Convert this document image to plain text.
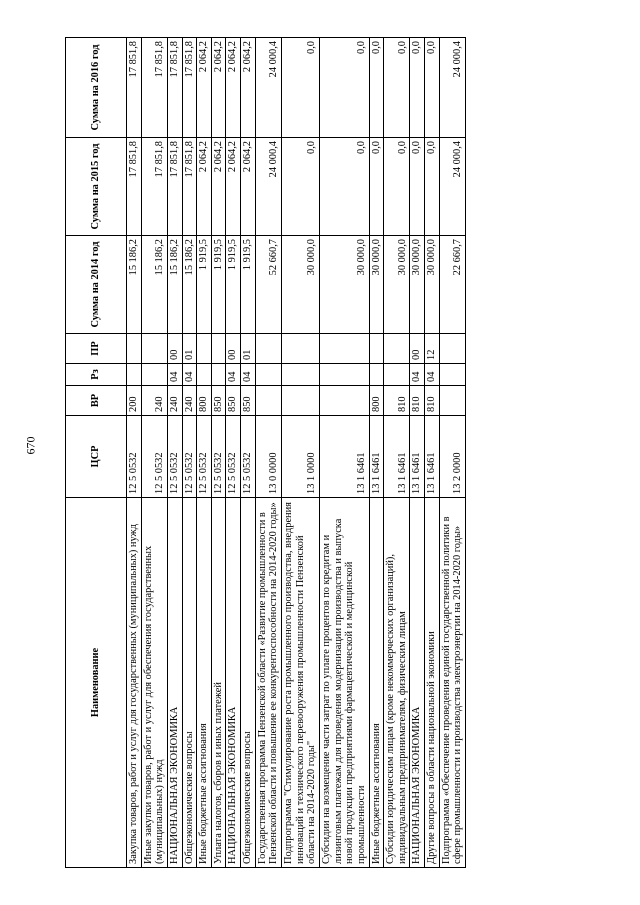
670
Наименование	ЦСР	ВР	Рз	ПР	Сумма на 2014 год	Сумма на 2015 год	Сумма на 2016 год
Закупка товаров, работ и услуг для государственных (муниципальных) нужд	12 5 0532	200			15 186,2	17 851,8	17 851,8
Иные закупки товаров, работ и услуг для обеспечения государственных (муниципальных) нужд	12 5 0532	240			15 186,2	17 851,8	17 851,8
НАЦИОНАЛЬНАЯ ЭКОНОМИКА	12 5 0532	240	04	00	15 186,2	17 851,8	17 851,8
Общеэкономические вопросы	12 5 0532	240	04	01	15 186,2	17 851,8	17 851,8
Иные бюджетные ассигнования	12 5 0532	800			1 919,5	2 064,2	2 064,2
Уплата налогов, сборов и иных платежей	12 5 0532	850			1 919,5	2 064,2	2 064,2
НАЦИОНАЛЬНАЯ ЭКОНОМИКА	12 5 0532	850	04	00	1 919,5	2 064,2	2 064,2
Общеэкономические вопросы	12 5 0532	850	04	01	1 919,5	2 064,2	2 064,2
Государственная программа Пензенской области «Развитие промышленности в Пензенской области и повышение ее конкурентоспособности на 2014-2020 годы»	13 0 0000				52 660,7	24 000,4	24 000,4
Подпрограмма "Стимулирование роста промышленного производства, внедрения инноваций и технического перевооружения промышленности Пензенской области на 2014-2020 годы"	13 1 0000				30 000,0	0,0	0,0
Субсидии на возмещение части затрат по уплате процентов по кредитам и лизинговым платежам для проведения модернизации производства и выпуска новой продукции предприятиями фармацевтической и медицинской промышленности	13 1 6461				30 000,0	0,0	0,0
Иные бюджетные ассигнования	13 1 6461	800			30 000,0	0,0	0,0
Субсидии юридическим лицам (кроме некоммерческих организаций), индивидуальным предпринимателям, физическим лицам	13 1 6461	810			30 000,0	0,0	0,0
НАЦИОНАЛЬНАЯ ЭКОНОМИКА	13 1 6461	810	04	00	30 000,0	0,0	0,0
Другие вопросы в области национальной экономики	13 1 6461	810	04	12	30 000,0	0,0	0,0
Подпрограмма «Обеспечение проведения единой государственной политики в сфере промышленности и производства электроэнергии на 2014-2020 годы»	13 2 0000				22 660,7	24 000,4	24 000,4
